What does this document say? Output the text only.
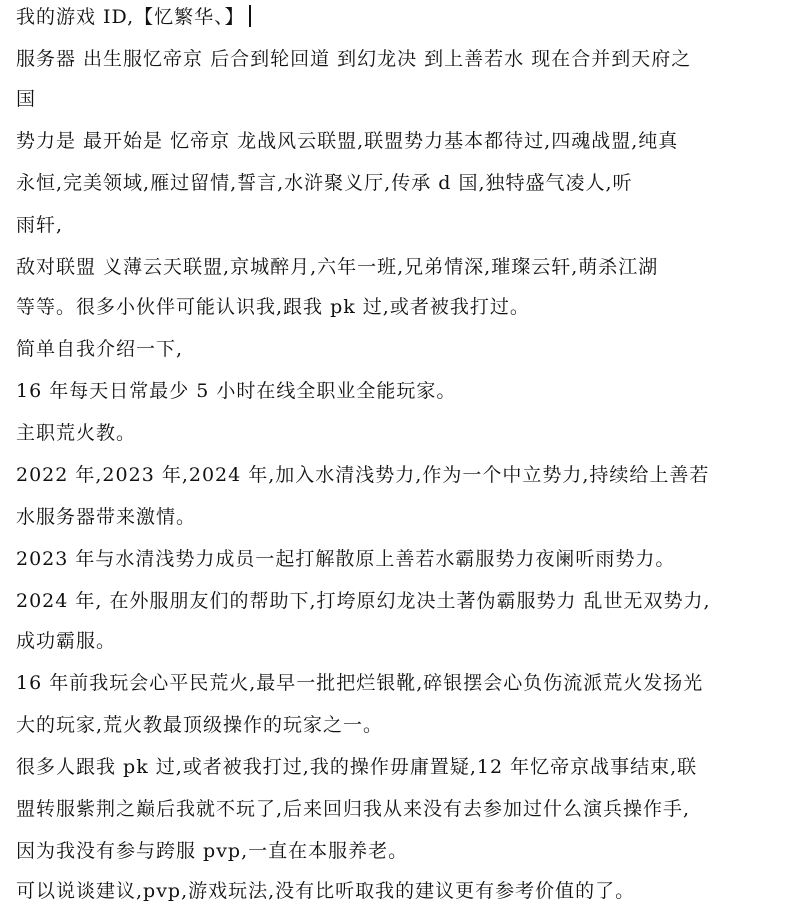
我的游戏 ID,【忆繁华、】
服务器 出生服忆帝京 后合到轮回道 到幻龙决 到上善若水 现在合并到天府之
国
势力是 最开始是 忆帝京 龙战风云联盟,联盟势力基本都待过,四魂战盟,纯真
永恒,完美领域,雁过留情,誓言,水浒聚义厅,传承 d 国,独特盛气凌人,听
雨轩,
敌对联盟 义薄云天联盟,京城醉月,六年一班,兄弟情深,璀璨云轩,萌杀江湖
等等。很多小伙伴可能认识我,跟我 pk 过,或者被我打过。
简单自我介绍一下,
16 年每天日常最少 5 小时在线全职业全能玩家。
主职荒火教。
2022 年,2023 年,2024 年,加入水清浅势力,作为一个中立势力,持续给上善若
水服务器带来激情。
2023 年与水清浅势力成员一起打解散原上善若水霸服势力夜阑听雨势力。
2024 年, 在外服朋友们的帮助下,打垮原幻龙决土著伪霸服势力 乱世无双势力,
成功霸服。
16 年前我玩会心平民荒火,最早一批把烂银靴,碎银摆会心负伤流派荒火发扬光
大的玩家,荒火教最顶级操作的玩家之一。
很多人跟我 pk 过,或者被我打过,我的操作毋庸置疑,12 年忆帝京战事结束,联
盟转服紫荆之巅后我就不玩了,后来回归我从来没有去参加过什么演兵操作手,
因为我没有参与跨服 pvp,一直在本服养老。
可以说谈建议,pvp,游戏玩法,没有比听取我的建议更有参考价值的了。
